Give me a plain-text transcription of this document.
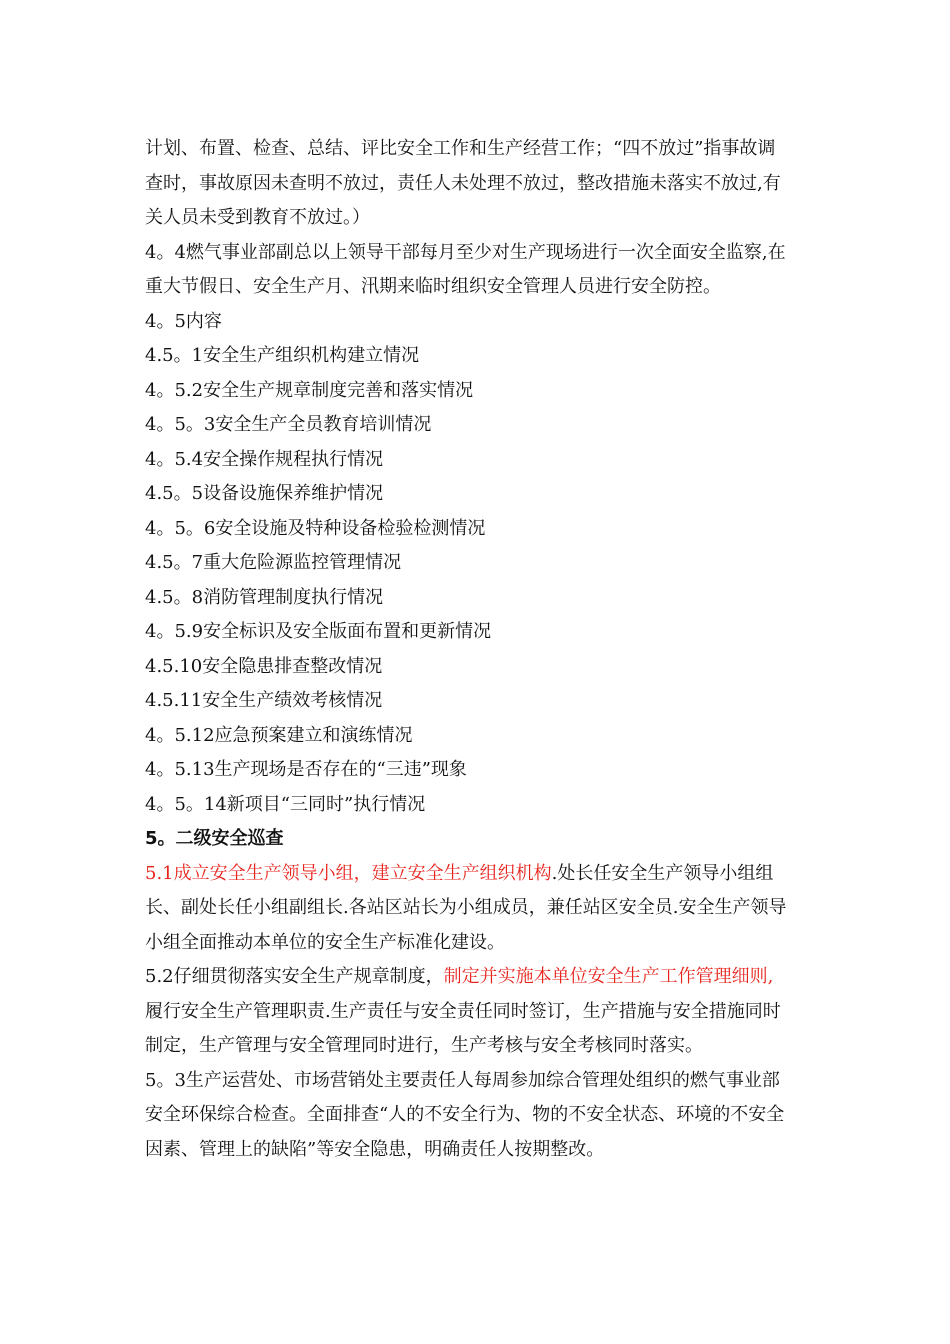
计划、布置、检查、总结、评比安全工作和生产经营工作；“四不放过”指事故调
查时，事故原因未查明不放过，责任人未处理不放过，整改措施未落实不放过,有
关人员未受到教育不放过。）
4。4燃气事业部副总以上领导干部每月至少对生产现场进行一次全面安全监察,在
重大节假日、安全生产月、汛期来临时组织安全管理人员进行安全防控。
4。5内容
4.5。1安全生产组织机构建立情况
4。5.2安全生产规章制度完善和落实情况
4。5。3安全生产全员教育培训情况
4。5.4安全操作规程执行情况
4.5。5设备设施保养维护情况
4。5。6安全设施及特种设备检验检测情况
4.5。7重大危险源监控管理情况
4.5。8消防管理制度执行情况
4。5.9安全标识及安全版面布置和更新情况
4.5.10安全隐患排查整改情况
4.5.11安全生产绩效考核情况
4。5.12应急预案建立和演练情况
4。5.13生产现场是否存在的“三违”现象
4。5。14新项目“三同时”执行情况
5。二级安全巡查
5.1成立安全生产领导小组，建立安全生产组织机构.处长任安全生产领导小组组
长、副处长任小组副组长.各站区站长为小组成员，兼任站区安全员.安全生产领导
小组全面推动本单位的安全生产标准化建设。
5.2仔细贯彻落实安全生产规章制度，制定并实施本单位安全生产工作管理细则,
履行安全生产管理职责.生产责任与安全责任同时签订，生产措施与安全措施同时
制定，生产管理与安全管理同时进行，生产考核与安全考核同时落实。
5。3生产运营处、市场营销处主要责任人每周参加综合管理处组织的燃气事业部
安全环保综合检查。全面排查“人的不安全行为、物的不安全状态、环境的不安全
因素、管理上的缺陷”等安全隐患，明确责任人按期整改。
